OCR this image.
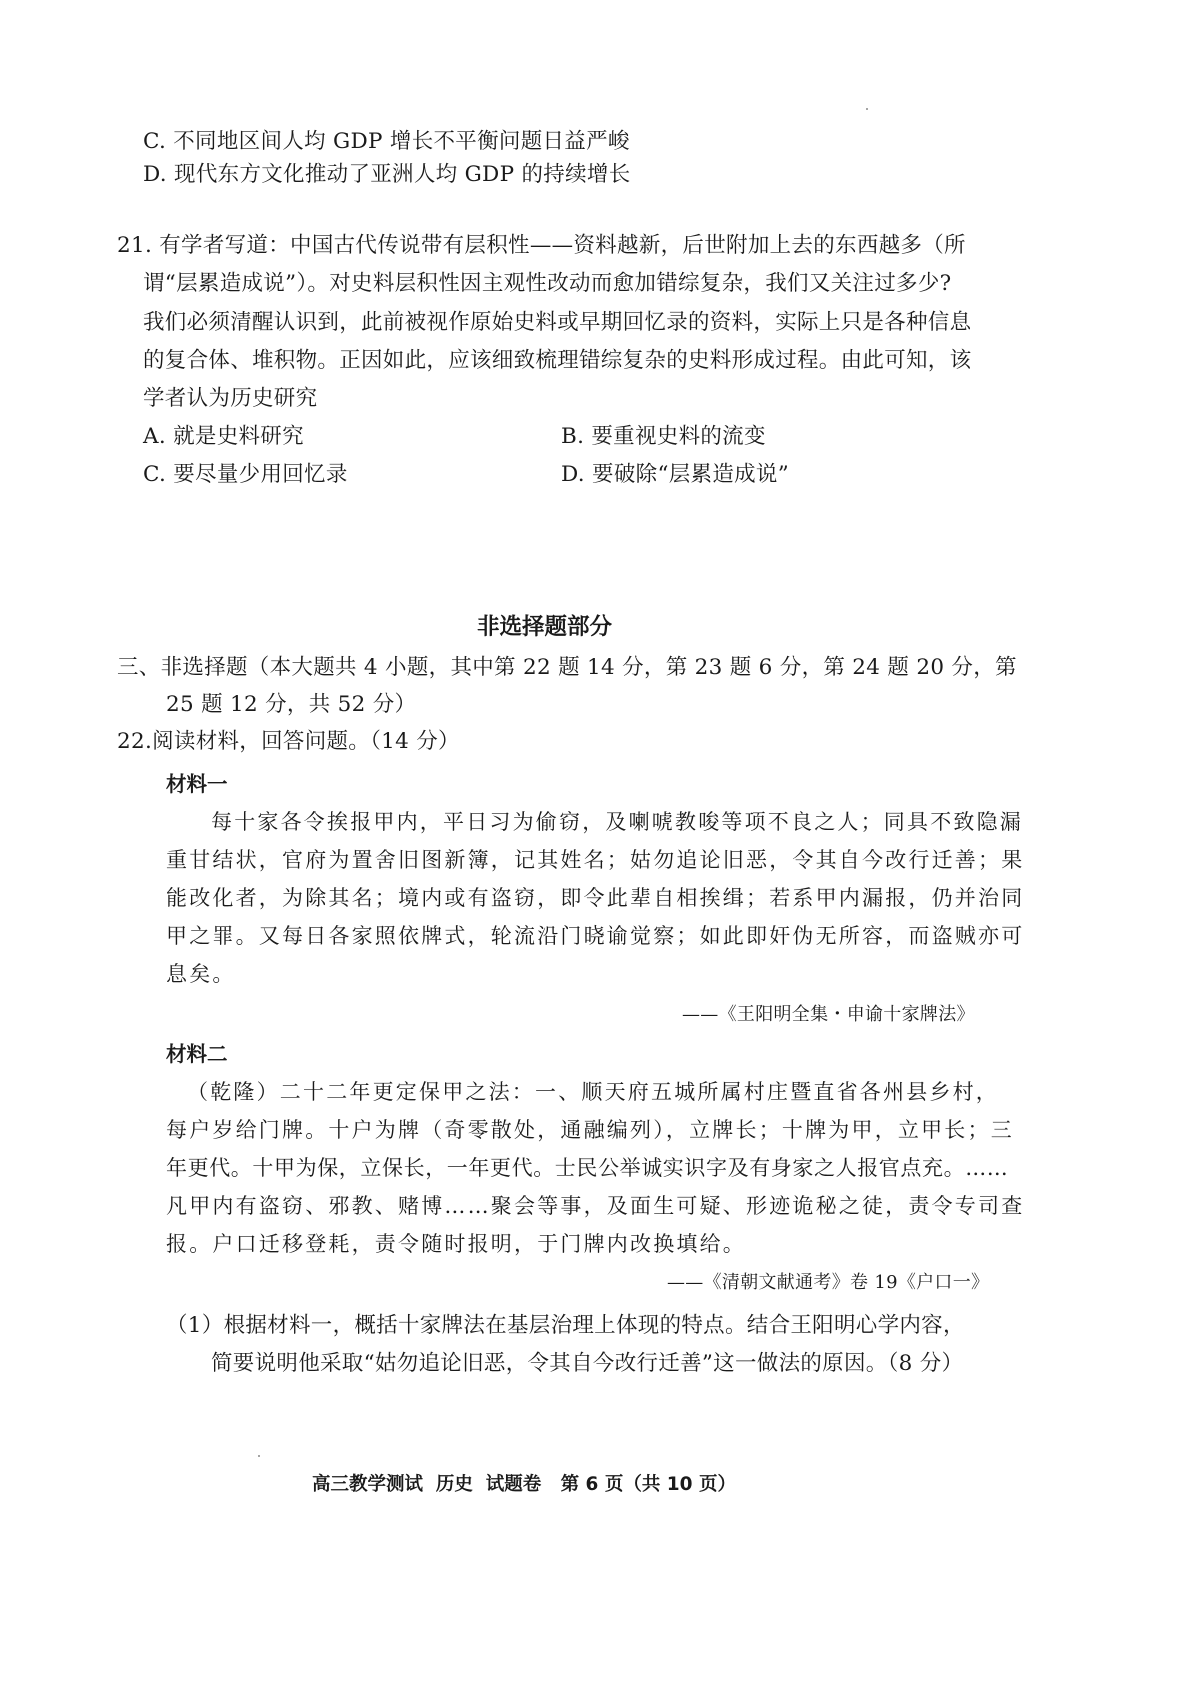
C. 不同地区间人均 GDP 增长不平衡问题日益严峻
D. 现代东方文化推动了亚洲人均 GDP 的持续增长
21. 有学者写道：中国古代传说带有层积性——资料越新，后世附加上去的东西越多（所
谓“层累造成说”）。对史料层积性因主观性改动而愈加错综复杂，我们又关注过多少?
我们必须清醒认识到，此前被视作原始史料或早期回忆录的资料，实际上只是各种信息
的复合体、堆积物。正因如此，应该细致梳理错综复杂的史料形成过程。由此可知，该
学者认为历史研究
A. 就是史料研究	B. 要重视史料的流变
C. 要尽量少用回忆录	D. 要破除“层累造成说”
非选择题部分
三、非选择题（本大题共 4 小题，其中第 22 题 14 分，第 23 题 6 分，第 24 题 20 分，第
25 题 12 分，共 52 分）
22.阅读材料，回答问题。（14 分）
材料一
每十家各令挨报甲内，平日习为偷窃，及喇唬教唆等项不良之人；同具不致隐漏
重甘结状，官府为置舍旧图新簿，记其姓名；姑勿追论旧恶，令其自今改行迁善；果
能改化者，为除其名；境内或有盗窃，即令此辈自相挨缉；若系甲内漏报，仍并治同
甲之罪。又每日各家照依牌式，轮流沿门晓谕觉察；如此即奸伪无所容，而盗贼亦可
息矣。
——《王阳明全集・申谕十家牌法》
材料二
（乾隆）二十二年更定保甲之法：一、顺天府五城所属村庄暨直省各州县乡村，
每户岁给门牌。十户为牌（奇零散处，通融编列），立牌长；十牌为甲，立甲长；三
年更代。十甲为保，立保长，一年更代。士民公举诚实识字及有身家之人报官点充。……
凡甲内有盗窃、邪教、赌博……聚会等事，及面生可疑、形迹诡秘之徒，责令专司查
报。户口迁移登耗，责令随时报明，于门牌内改换填给。
——《清朝文献通考》卷 19《户口一》
（1）根据材料一，概括十家牌法在基层治理上体现的特点。结合王阳明心学内容，
简要说明他采取“姑勿追论旧恶，令其自今改行迁善”这一做法的原因。（8 分）
高三教学测试  历史  试题卷   第 6 页（共 10 页）
